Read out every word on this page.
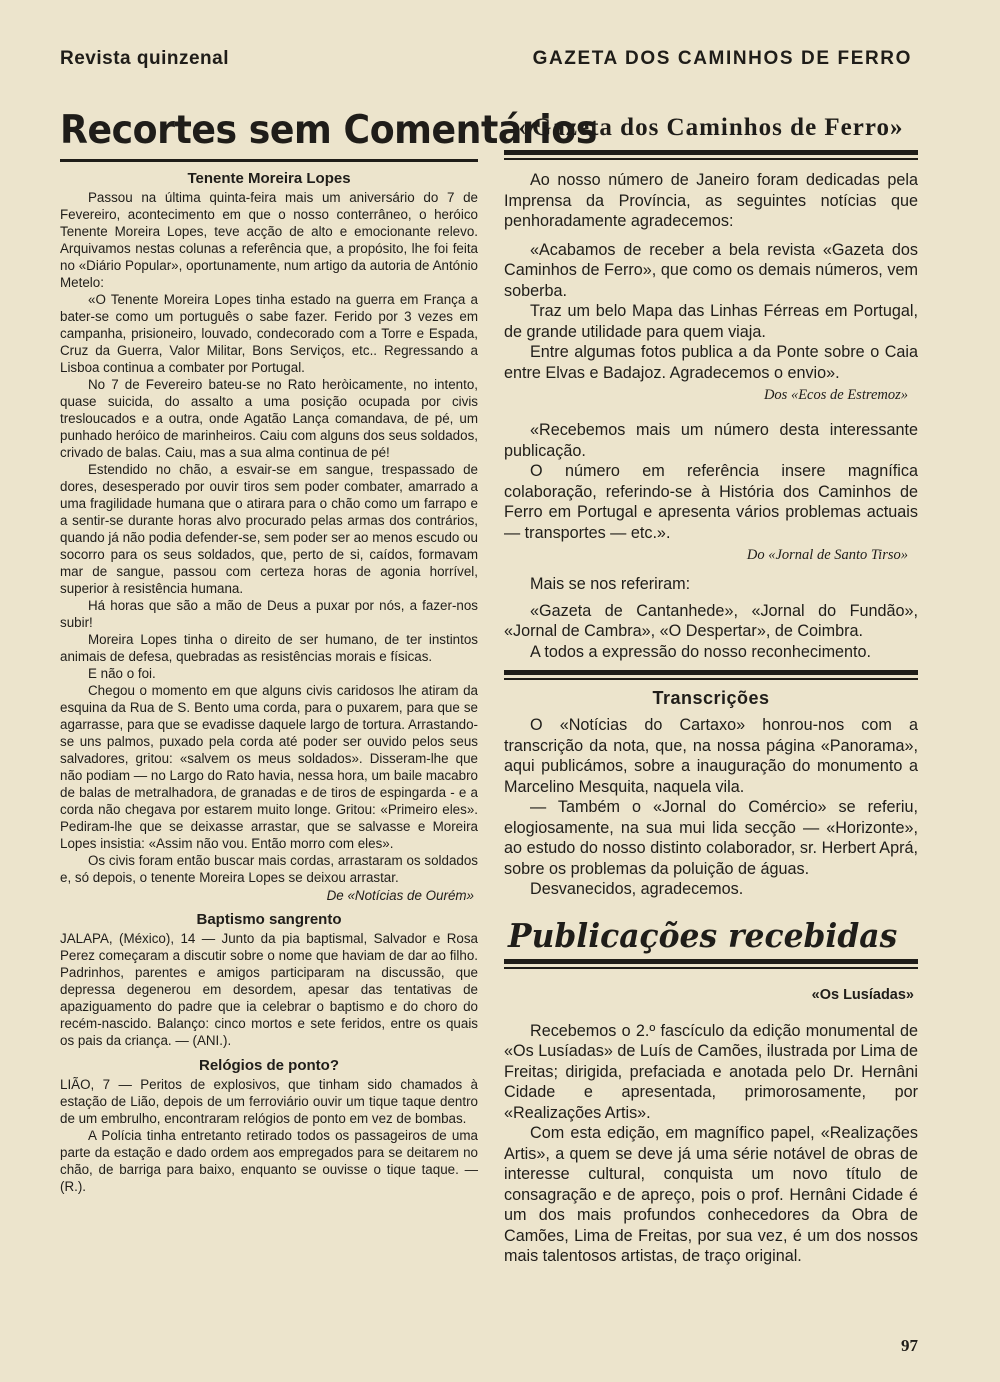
Revista quinzenal	GAZETA DOS CAMINHOS DE FERRO
Recortes sem Comentários
Tenente Moreira Lopes

Passou na última quinta-feira mais um aniversário do 7 de Fevereiro, acontecimento em que o nosso conterrâneo, o heróico Tenente Moreira Lopes, teve acção de alto e emocionante relevo. Arquivamos nestas colunas a referência que, a propósito, lhe foi feita no «Diário Popular», oportunamente, num artigo da autoria de António Metelo:

«O Tenente Moreira Lopes tinha estado na guerra em França a bater-se como um português o sabe fazer. Ferido por 3 vezes em campanha, prisioneiro, louvado, condecorado com a Torre e Espada, Cruz da Guerra, Valor Militar, Bons Serviços, etc.. Regressando a Lisboa continua a combater por Portugal.

No 7 de Fevereiro bateu-se no Rato heròicamente, no intento, quase suicida, do assalto a uma posição ocupada por civis tresloucados e a outra, onde Agatão Lança comandava, de pé, um punhado heróico de marinheiros. Caiu com alguns dos seus soldados, crivado de balas. Caiu, mas a sua alma continua de pé!

Estendido no chão, a esvair-se em sangue, trespassado de dores, desesperado por ouvir tiros sem poder combater, amarrado a uma fragilidade humana que o atirara para o chão como um farrapo e a sentir-se durante horas alvo procurado pelas armas dos contrários, quando já não podia defender-se, sem poder ser ao menos escudo ou socorro para os seus soldados, que, perto de si, caídos, formavam mar de sangue, passou com certeza horas de agonia horrível, superior à resistência humana.

Há horas que são a mão de Deus a puxar por nós, a fazer-nos subir!

Moreira Lopes tinha o direito de ser humano, de ter instintos animais de defesa, quebradas as resistências morais e físicas.

E não o foi.

Chegou o momento em que alguns civis caridosos lhe atiram da esquina da Rua de S. Bento uma corda, para o puxarem, para que se agarrasse, para que se evadisse daquele largo de tortura. Arrastando-se uns palmos, puxado pela corda até poder ser ouvido pelos seus salvadores, gritou: «salvem os meus soldados». Disseram-lhe que não podiam — no Largo do Rato havia, nessa hora, um baile macabro de balas de metralhadora, de granadas e de tiros de espingarda - e a corda não chegava por estarem muito longe. Gritou: «Primeiro eles». Pediram-lhe que se deixasse arrastar, que se salvasse e Moreira Lopes insistia: «Assim não vou. Então morro com eles».

Os civis foram então buscar mais cordas, arrastaram os soldados e, só depois, o tenente Moreira Lopes se deixou arrastar.

De «Notícias de Ourém»
Baptismo sangrento

JALAPA, (México), 14 — Junto da pia baptismal, Salvador e Rosa Perez começaram a discutir sobre o nome que haviam de dar ao filho. Padrinhos, parentes e amigos participaram na discussão, que depressa degenerou em desordem, apesar das tentativas de apaziguamento do padre que ia celebrar o baptismo e do choro do recém-nascido. Balanço: cinco mortos e sete feridos, entre os quais os pais da criança. — (ANI.).

Relógios de ponto?

LIÃO, 7 — Peritos de explosivos, que tinham sido chamados à estação de Lião, depois de um ferroviário ouvir um tique taque dentro de um embrulho, encontraram relógios de ponto em vez de bombas.

A Polícia tinha entretanto retirado todos os passageiros de uma parte da estação e dado ordem aos empregados para se deitarem no chão, de barriga para baixo, enquanto se ouvisse o tique taque. — (R.).

«Gazeta dos Caminhos de Ferro»

Ao nosso número de Janeiro foram dedicadas pela Imprensa da Província, as seguintes notícias que penhoradamente agradecemos:

«Acabamos de receber a bela revista «Gazeta dos Caminhos de Ferro», que como os demais números, vem soberba.

Traz um belo Mapa das Linhas Férreas em Portugal, de grande utilidade para quem viaja.

Entre algumas fotos publica a da Ponte sobre o Caia entre Elvas e Badajoz. Agradecemos o envio».

Dos «Ecos de Estremoz»

«Recebemos mais um número desta interessante publicação.

O número em referência insere magnífica colaboração, referindo-se à História dos Caminhos de Ferro em Portugal e apresenta vários problemas actuais — transportes — etc.».

Do «Jornal de Santo Tirso»

Mais se nos referiram:

«Gazeta de Cantanhede», «Jornal do Fundão», «Jornal de Cambra», «O Despertar», de Coimbra.

A todos a expressão do nosso reconhecimento.

Transcrições

O «Notícias do Cartaxo» honrou-nos com a transcrição da nota, que, na nossa página «Panorama», aqui publicámos, sobre a inauguração do monumento a Marcelino Mesquita, naquela vila.

— Também o «Jornal do Comércio» se referiu, elogiosamente, na sua mui lida secção — «Horizonte», ao estudo do nosso distinto colaborador, sr. Herbert Aprá, sobre os problemas da poluição de águas.

Desvanecidos, agradecemos.

Publicações recebidas
«Os Lusíadas»

Recebemos o 2.º fascículo da edição monumental de «Os Lusíadas» de Luís de Camões, ilustrada por Lima de Freitas; dirigida, prefaciada e anotada pelo Dr. Hernâni Cidade e apresentada, primorosamente, por «Realizações Artis».

Com esta edição, em magnífico papel, «Realizações Artis», a quem se deve já uma série notável de obras de interesse cultural, conquista um novo título de consagração e de apreço, pois o prof. Hernâni Cidade é um dos mais profundos conhecedores da Obra de Camões, Lima de Freitas, por sua vez, é um dos nossos mais talentosos artistas, de traço original.

97
